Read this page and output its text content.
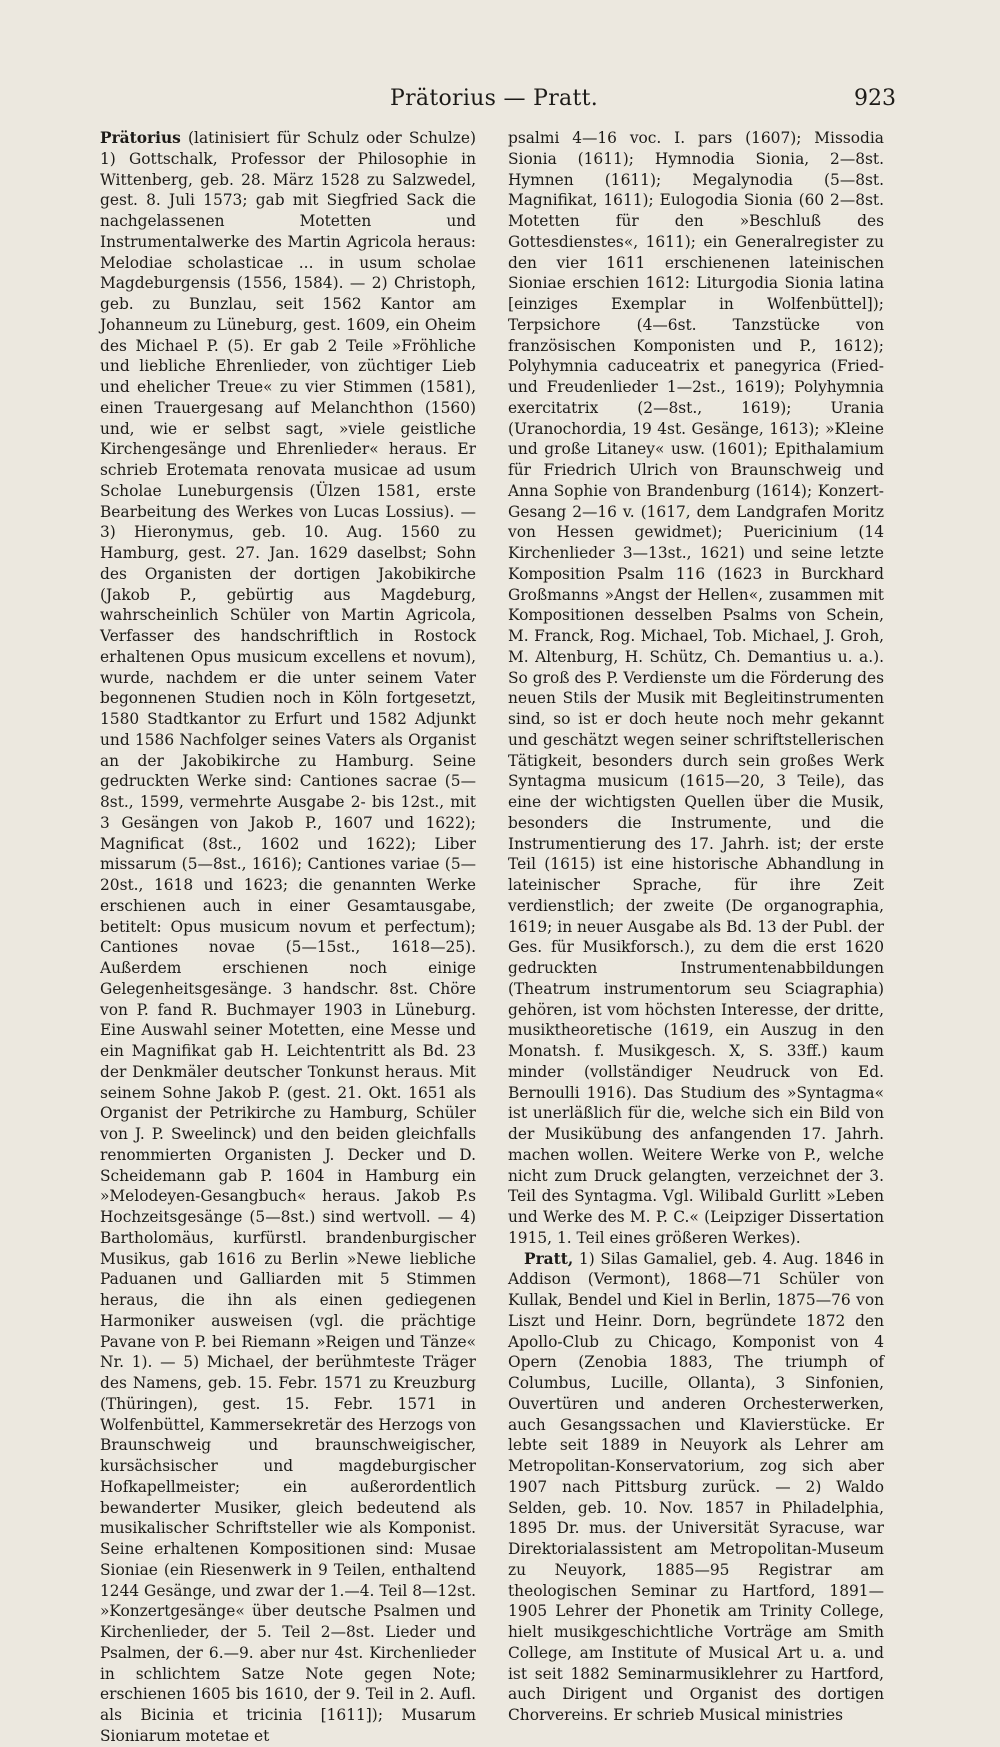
Prätorius — Pratt.	923

Prätorius (latinisiert für Schulz oder Schulze) 1) Gottschalk, Professor der Philosophie in Wittenberg, geb. 28. März 1528 zu Salzwedel, gest. 8. Juli 1573; gab mit Siegfried Sack die nachgelassenen Motetten und Instrumentalwerke des Martin Agricola heraus: Melodiae scholasticae ... in usum scholae Magdeburgensis (1556, 1584). — 2) Christoph, geb. zu Bunzlau, seit 1562 Kantor am Johanneum zu Lüneburg, gest. 1609, ein Oheim des Michael P. (5). Er gab 2 Teile »Fröhliche und liebliche Ehrenlieder, von züchtiger Lieb und ehelicher Treue« zu vier Stimmen (1581), einen Trauergesang auf Melanchthon (1560) und, wie er selbst sagt, »viele geistliche Kirchengesänge und Ehrenlieder« heraus. Er schrieb Erotemata renovata musicae ad usum Scholae Luneburgensis (Ülzen 1581, erste Bearbeitung des Werkes von Lucas Lossius). — 3) Hieronymus, geb. 10. Aug. 1560 zu Hamburg, gest. 27. Jan. 1629 daselbst; Sohn des Organisten der dortigen Jakobikirche (Jakob P., gebürtig aus Magdeburg, wahrscheinlich Schüler von Martin Agricola, Verfasser des handschriftlich in Rostock erhaltenen Opus musicum excellens et novum), wurde, nachdem er die unter seinem Vater begonnenen Studien noch in Köln fortgesetzt, 1580 Stadtkantor zu Erfurt und 1582 Adjunkt und 1586 Nachfolger seines Vaters als Organist an der Jakobikirche zu Hamburg. Seine gedruckten Werke sind: Cantiones sacrae (5—8st., 1599, vermehrte Ausgabe 2- bis 12st., mit 3 Gesängen von Jakob P., 1607 und 1622); Magnificat (8st., 1602 und 1622); Liber missarum (5—8st., 1616); Cantiones variae (5—20st., 1618 und 1623; die genannten Werke erschienen auch in einer Gesamtausgabe, betitelt: Opus musicum novum et perfectum); Cantiones novae (5—15st., 1618—25). Außerdem erschienen noch einige Gelegenheitsgesänge. 3 handschr. 8st. Chöre von P. fand R. Buchmayer 1903 in Lüneburg. Eine Auswahl seiner Motetten, eine Messe und ein Magnifikat gab H. Leichtentritt als Bd. 23 der Denkmäler deutscher Tonkunst heraus. Mit seinem Sohne Jakob P. (gest. 21. Okt. 1651 als Organist der Petrikirche zu Hamburg, Schüler von J. P. Sweelinck) und den beiden gleichfalls renommierten Organisten J. Decker und D. Scheidemann gab P. 1604 in Hamburg ein »Melodeyen-Gesangbuch« heraus. Jakob P.s Hochzeitsgesänge (5—8st.) sind wertvoll. — 4) Bartholomäus, kurfürstl. brandenburgischer Musikus, gab 1616 zu Berlin »Newe liebliche Paduanen und Galliarden mit 5 Stimmen heraus, die ihn als einen gediegenen Harmoniker ausweisen (vgl. die prächtige Pavane von P. bei Riemann »Reigen und Tänze« Nr. 1). — 5) Michael, der berühmteste Träger des Namens, geb. 15. Febr. 1571 zu Kreuzburg (Thüringen), gest. 15. Febr. 1571 in Wolfenbüttel, Kammersekretär des Herzogs von Braunschweig und braunschweigischer, kursächsischer und magdeburgischer Hofkapellmeister; ein außerordentlich bewanderter Musiker, gleich bedeutend als musikalischer Schriftsteller wie als Komponist. Seine erhaltenen Kompositionen sind: Musae Sioniae (ein Riesenwerk in 9 Teilen, enthaltend 1244 Gesänge, und zwar der 1.—4. Teil 8—12st. »Konzertgesänge« über deutsche Psalmen und Kirchenlieder, der 5. Teil 2—8st. Lieder und Psalmen, der 6.—9. aber nur 4st. Kirchenlieder in schlichtem Satze Note gegen Note; erschienen 1605 bis 1610, der 9. Teil in 2. Aufl. als Bicinia et tricinia [1611]); Musarum Sioniarum motetae et

psalmi 4—16 voc. I. pars (1607); Missodia Sionia (1611); Hymnodia Sionia, 2—8st. Hymnen (1611); Megalynodia (5—8st. Magnifikat, 1611); Eulogodia Sionia (60 2—8st. Motetten für den »Beschluß des Gottesdienstes«, 1611); ein Generalregister zu den vier 1611 erschienenen lateinischen Sioniae erschien 1612: Liturgodia Sionia latina [einziges Exemplar in Wolfenbüttel]); Terpsichore (4—6st. Tanzstücke von französischen Komponisten und P., 1612); Polyhymnia caduceatrix et panegyrica (Fried- und Freudenlieder 1—2st., 1619); Polyhymnia exercitatrix (2—8st., 1619); Urania (Uranochordia, 19 4st. Gesänge, 1613); »Kleine und große Litaney« usw. (1601); Epithalamium für Friedrich Ulrich von Braunschweig und Anna Sophie von Brandenburg (1614); Konzert-Gesang 2—16 v. (1617, dem Landgrafen Moritz von Hessen gewidmet); Puericinium (14 Kirchenlieder 3—13st., 1621) und seine letzte Komposition Psalm 116 (1623 in Burckhard Großmanns »Angst der Hellen«, zusammen mit Kompositionen desselben Psalms von Schein, M. Franck, Rog. Michael, Tob. Michael, J. Groh, M. Altenburg, H. Schütz, Ch. Demantius u. a.). So groß des P. Verdienste um die Förderung des neuen Stils der Musik mit Begleitinstrumenten sind, so ist er doch heute noch mehr gekannt und geschätzt wegen seiner schriftstellerischen Tätigkeit, besonders durch sein großes Werk Syntagma musicum (1615—20, 3 Teile), das eine der wichtigsten Quellen über die Musik, besonders die Instrumente, und die Instrumentierung des 17. Jahrh. ist; der erste Teil (1615) ist eine historische Abhandlung in lateinischer Sprache, für ihre Zeit verdienstlich; der zweite (De organographia, 1619; in neuer Ausgabe als Bd. 13 der Publ. der Ges. für Musikforsch.), zu dem die erst 1620 gedruckten Instrumentenabbildungen (Theatrum instrumentorum seu Sciagraphia) gehören, ist vom höchsten Interesse, der dritte, musiktheoretische (1619, ein Auszug in den Monatsh. f. Musikgesch. X, S. 33ff.) kaum minder (vollständiger Neudruck von Ed. Bernoulli 1916). Das Studium des »Syntagma« ist unerläßlich für die, welche sich ein Bild von der Musikübung des anfangenden 17. Jahrh. machen wollen. Weitere Werke von P., welche nicht zum Druck gelangten, verzeichnet der 3. Teil des Syntagma. Vgl. Wilibald Gurlitt »Leben und Werke des M. P. C.« (Leipziger Dissertation 1915, 1. Teil eines größeren Werkes).

Pratt, 1) Silas Gamaliel, geb. 4. Aug. 1846 in Addison (Vermont), 1868—71 Schüler von Kullak, Bendel und Kiel in Berlin, 1875—76 von Liszt und Heinr. Dorn, begründete 1872 den Apollo-Club zu Chicago, Komponist von 4 Opern (Zenobia 1883, The triumph of Columbus, Lucille, Ollanta), 3 Sinfonien, Ouvertüren und anderen Orchesterwerken, auch Gesangssachen und Klavierstücke. Er lebte seit 1889 in Neuyork als Lehrer am Metropolitan-Konservatorium, zog sich aber 1907 nach Pittsburg zurück. — 2) Waldo Selden, geb. 10. Nov. 1857 in Philadelphia, 1895 Dr. mus. der Universität Syracuse, war Direktorialassistent am Metropolitan-Museum zu Neuyork, 1885—95 Registrar am theologischen Seminar zu Hartford, 1891—1905 Lehrer der Phonetik am Trinity College, hielt musikgeschichtliche Vorträge am Smith College, am Institute of Musical Art u. a. und ist seit 1882 Seminarmusiklehrer zu Hartford, auch Dirigent und Organist des dortigen Chorvereins. Er schrieb Musical ministries
